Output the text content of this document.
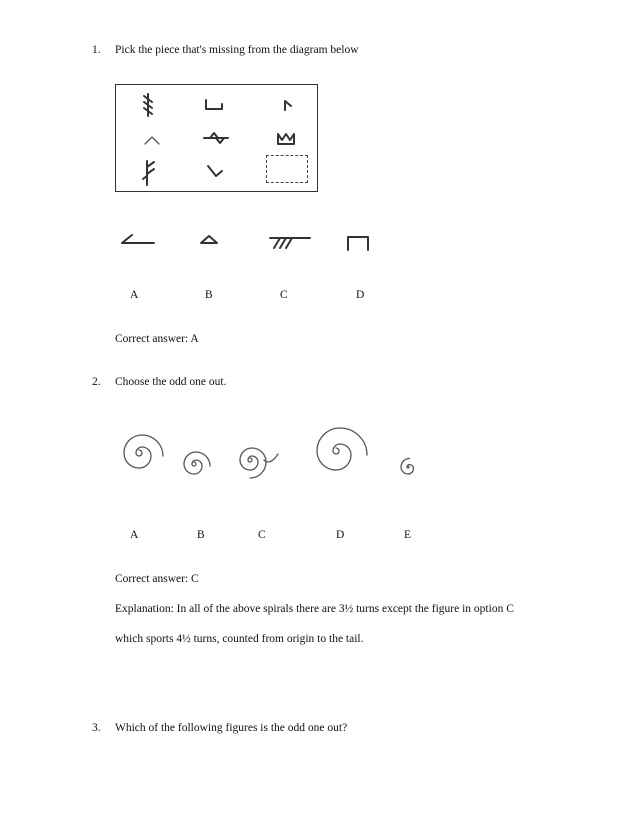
1. Pick the piece that's missing from the diagram below
A	B	C	D
Correct answer: A
2. Choose the odd one out.
A	B	C	D	E
Correct answer: C
Explanation: In all of the above spirals there are 3½ turns except the figure in option C
which sports 4½ turns, counted from origin to the tail.
3. Which of the following figures is the odd one out?
